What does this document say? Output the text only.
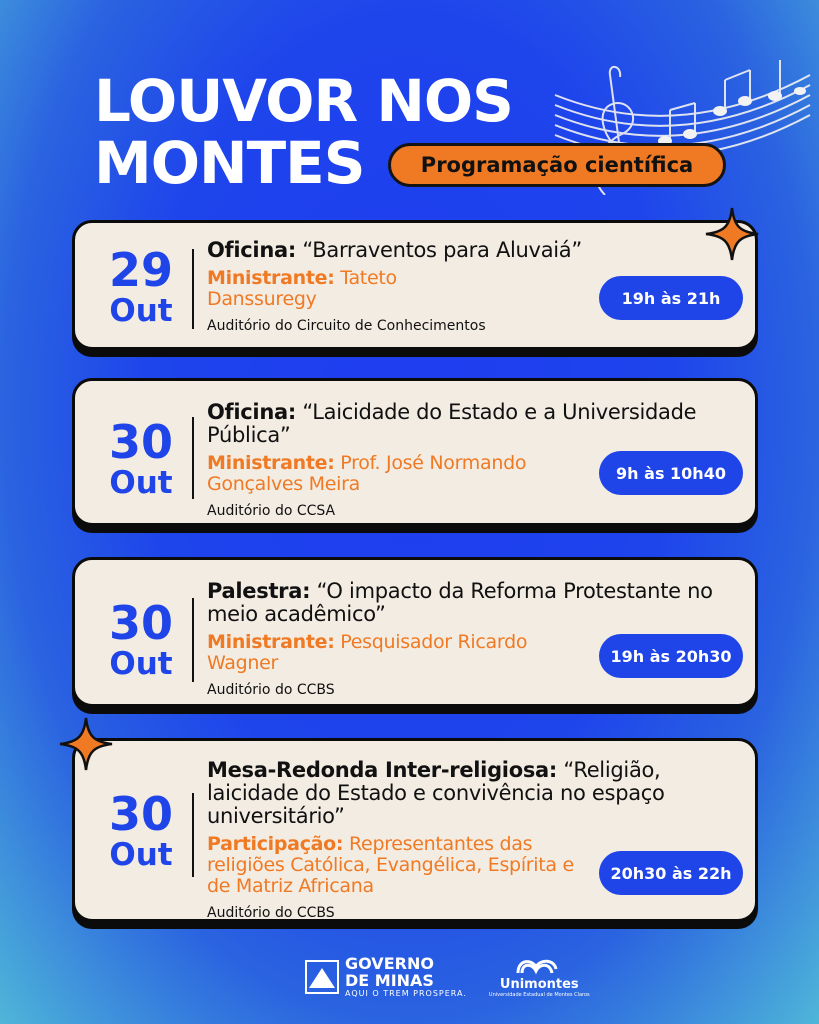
LOUVOR NOS
MONTES	Programação científica
29
Out
Oficina: “Barraventos para Aluvaiá”
Ministrante: Tateto Danssuregy
Auditório do Circuito de Conhecimentos
19h às 21h
30
Out
Oficina: “Laicidade do Estado e a Universidade Pública”
Ministrante: Prof. José Normando Gonçalves Meira
Auditório do CCSA
9h às 10h40
30
Out
Palestra: “O impacto da Reforma Protestante no meio acadêmico”
Ministrante: Pesquisador Ricardo Wagner
Auditório do CCBS
19h às 20h30
30
Out
Mesa-Redonda Inter-religiosa: “Religião, laicidade do Estado e convivência no espaço universitário”
Participação: Representantes das religiões Católica, Evangélica, Espírita e de Matriz Africana
Auditório do CCBS
20h30 às 22h
GOVERNO
DE MINAS
AQUI O TREM PROSPERA.
Unimontes
Universidade Estadual de Montes Claros
